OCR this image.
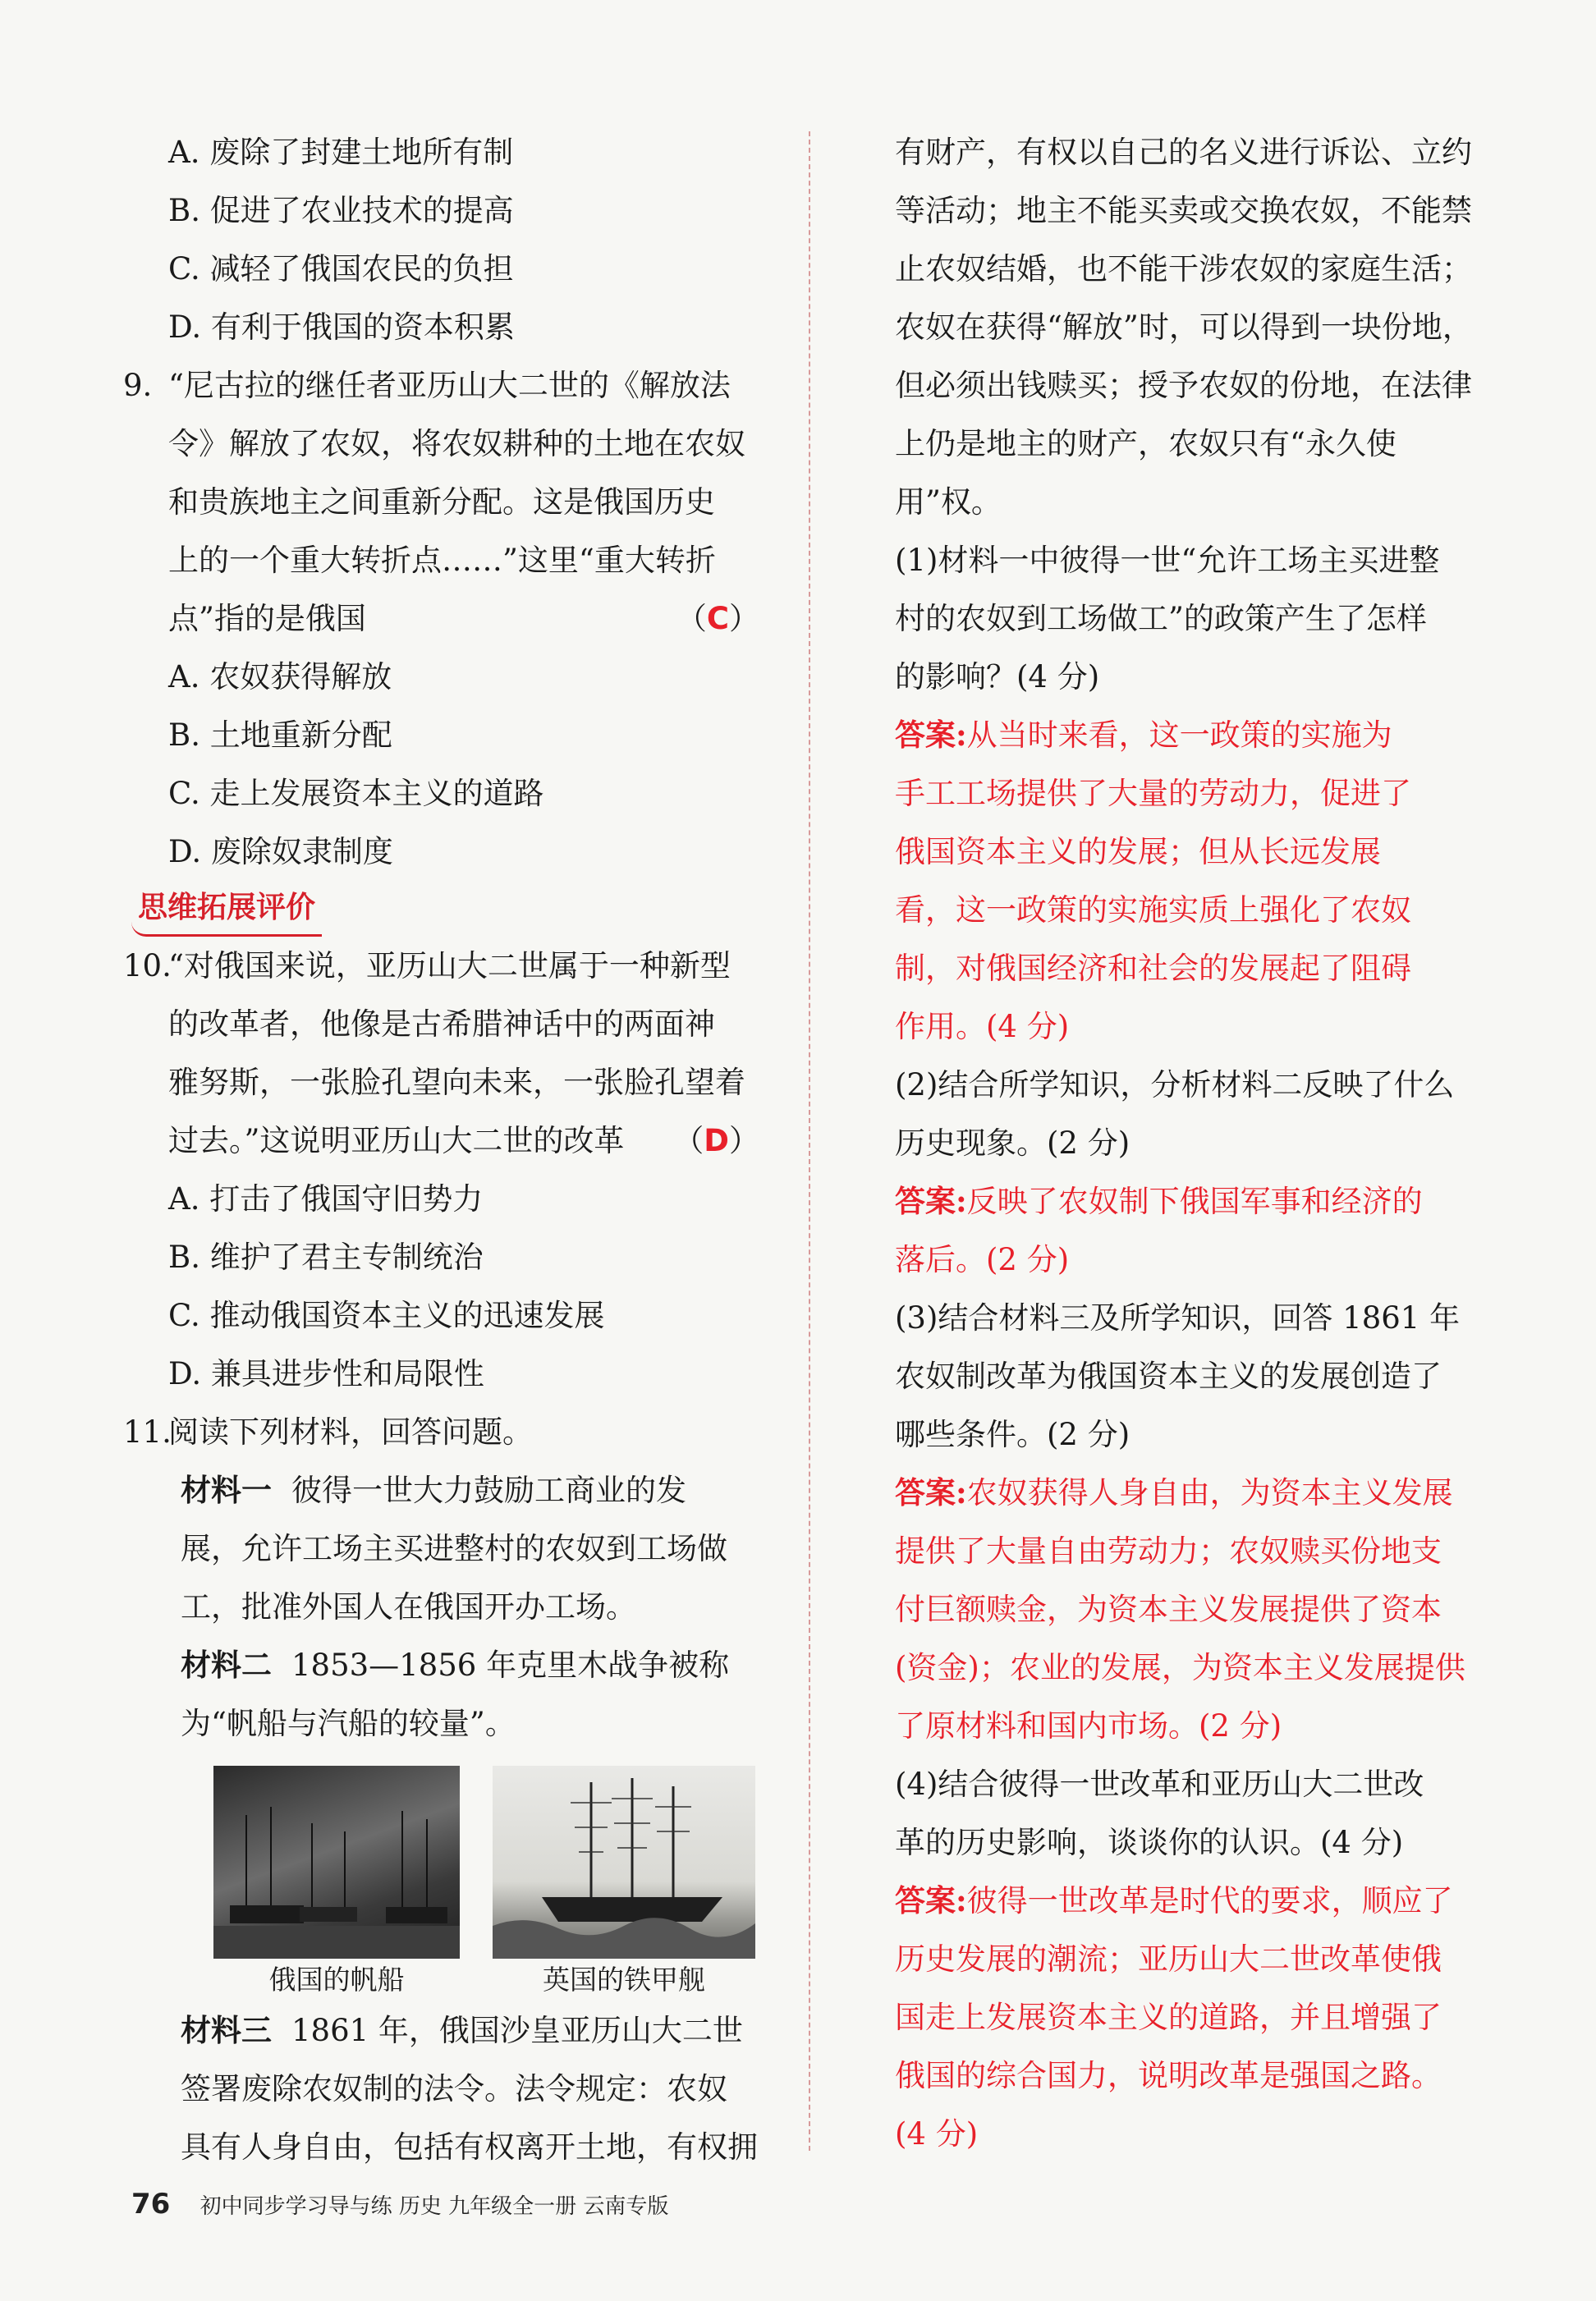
A. 废除了封建土地所有制
B. 促进了农业技术的提高
C. 减轻了俄国农民的负担
D. 有利于俄国的资本积累
9. “尼古拉的继任者亚历山大二世的《解放法
令》解放了农奴，将农奴耕种的土地在农奴
和贵族地主之间重新分配。这是俄国历史
上的一个重大转折点……”这里“重大转折
点”指的是俄国	（C）
A. 农奴获得解放
B. 土地重新分配
C. 走上发展资本主义的道路
D. 废除奴隶制度
思维拓展评价
10.“对俄国来说，亚历山大二世属于一种新型
的改革者，他像是古希腊神话中的两面神
雅努斯，一张脸孔望向未来，一张脸孔望着
过去。”这说明亚历山大二世的改革 （D）
A. 打击了俄国守旧势力
B. 维护了君主专制统治
C. 推动俄国资本主义的迅速发展
D. 兼具进步性和局限性
11.阅读下列材料，回答问题。
材料一 彼得一世大力鼓励工商业的发
展，允许工场主买进整村的农奴到工场做
工，批准外国人在俄国开办工场。
材料二 1853—1856 年克里木战争被称
为“帆船与汽船的较量”。
俄国的帆船	英国的铁甲舰
材料三 1861 年，俄国沙皇亚历山大二世
签署废除农奴制的法令。法令规定：农奴
具有人身自由，包括有权离开土地，有权拥
有财产，有权以自己的名义进行诉讼、立约
等活动；地主不能买卖或交换农奴，不能禁
止农奴结婚，也不能干涉农奴的家庭生活；
农奴在获得“解放”时，可以得到一块份地，
但必须出钱赎买；授予农奴的份地，在法律
上仍是地主的财产，农奴只有“永久使
用”权。
(1)材料一中彼得一世“允许工场主买进整
村的农奴到工场做工”的政策产生了怎样
的影响？(4 分)
答案:从当时来看，这一政策的实施为
手工工场提供了大量的劳动力，促进了
俄国资本主义的发展；但从长远发展
看，这一政策的实施实质上强化了农奴
制，对俄国经济和社会的发展起了阻碍
作用。(4 分)
(2)结合所学知识，分析材料二反映了什么
历史现象。(2 分)
答案:反映了农奴制下俄国军事和经济的
落后。(2 分)
(3)结合材料三及所学知识，回答 1861 年
农奴制改革为俄国资本主义的发展创造了
哪些条件。(2 分)
答案:农奴获得人身自由，为资本主义发展
提供了大量自由劳动力；农奴赎买份地支
付巨额赎金，为资本主义发展提供了资本
(资金)；农业的发展，为资本主义发展提供
了原材料和国内市场。(2 分)
(4)结合彼得一世改革和亚历山大二世改
革的历史影响，谈谈你的认识。(4 分)
答案:彼得一世改革是时代的要求，顺应了
历史发展的潮流；亚历山大二世改革使俄
国走上发展资本主义的道路，并且增强了
俄国的综合国力，说明改革是强国之路。
(4 分)
76 初中同步学习导与练 历史 九年级全一册 云南专版
